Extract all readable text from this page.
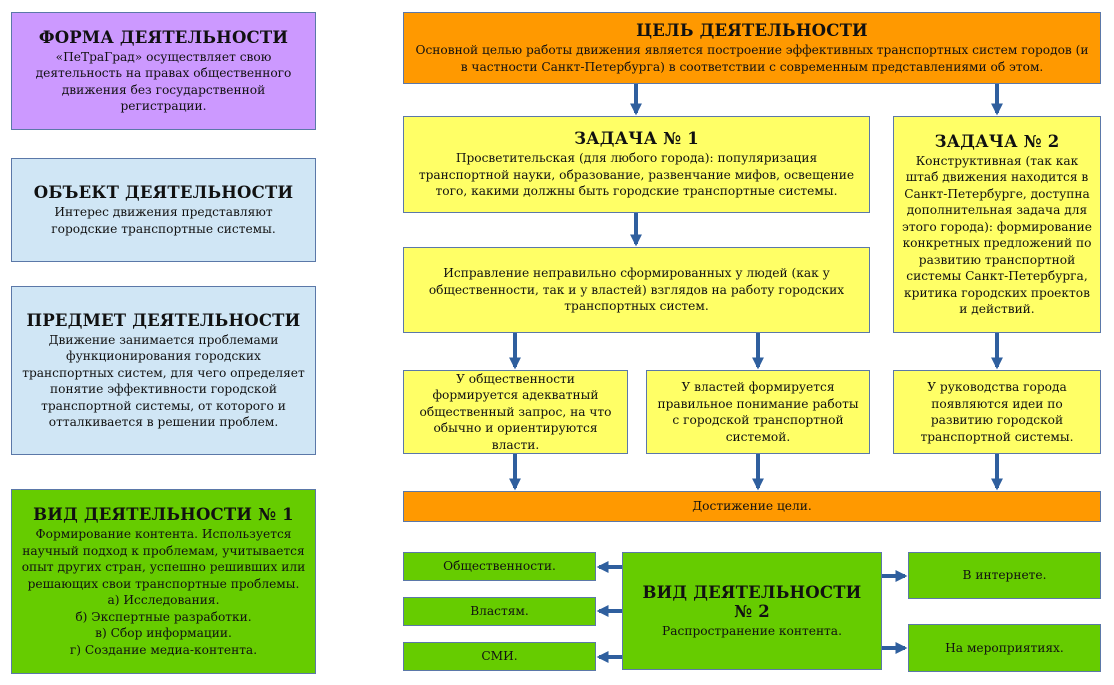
ФОРМА ДЕЯТЕЛЬНОСТИ
«ПеТраГрад» осуществляет свою деятельность на правах общественного движения без государственной регистрации.
ОБЪЕКТ ДЕЯТЕЛЬНОСТИ
Интерес движения представляют городские транспортные системы.
ПРЕДМЕТ ДЕЯТЕЛЬНОСТИ
Движение занимается проблемами функционирования городских транспортных систем, для чего определяет понятие эффективности городской транспортной системы, от которого и отталкивается в решении проблем.
ВИД ДЕЯТЕЛЬНОСТИ № 1
Формирование контента. Используется научный подход к проблемам, учитывается опыт других стран, успешно решивших или решающих свои транспортные проблемы.
а) Исследования.
б) Экспертные разработки.
в) Сбор информации.
г) Создание медиа-контента.
ЦЕЛЬ ДЕЯТЕЛЬНОСТИ
Основной целью работы движения является построение эффективных транспортных систем городов (и в частности Санкт-Петербурга) в соответствии с современным представлениями об этом.
ЗАДАЧА № 1
Просветительская (для любого города): популяризация транспортной науки, образование, развенчание мифов, освещение того, какими должны быть городские транспортные системы.
ЗАДАЧА № 2
Конструктивная (так как штаб движения находится в Санкт-Петербурге, доступна дополнительная задача для этого города): формирование конкретных предложений по развитию транспортной системы Санкт-Петербурга, критика городских проектов и действий.
Исправление неправильно сформированных у людей (как у общественности, так и у властей) взглядов на работу городских транспортных систем.
У общественности формируется адекватный общественный запрос, на что обычно и ориентируются власти.
У властей формируется правильное понимание работы с городской транспортной системой.
У руководства города появляются идеи по развитию городской транспортной системы.
Достижение цели.
Общественности.
Властям.
СМИ.
ВИД ДЕЯТЕЛЬНОСТИ № 2
Распространение контента.
В интернете.
На мероприятиях.
